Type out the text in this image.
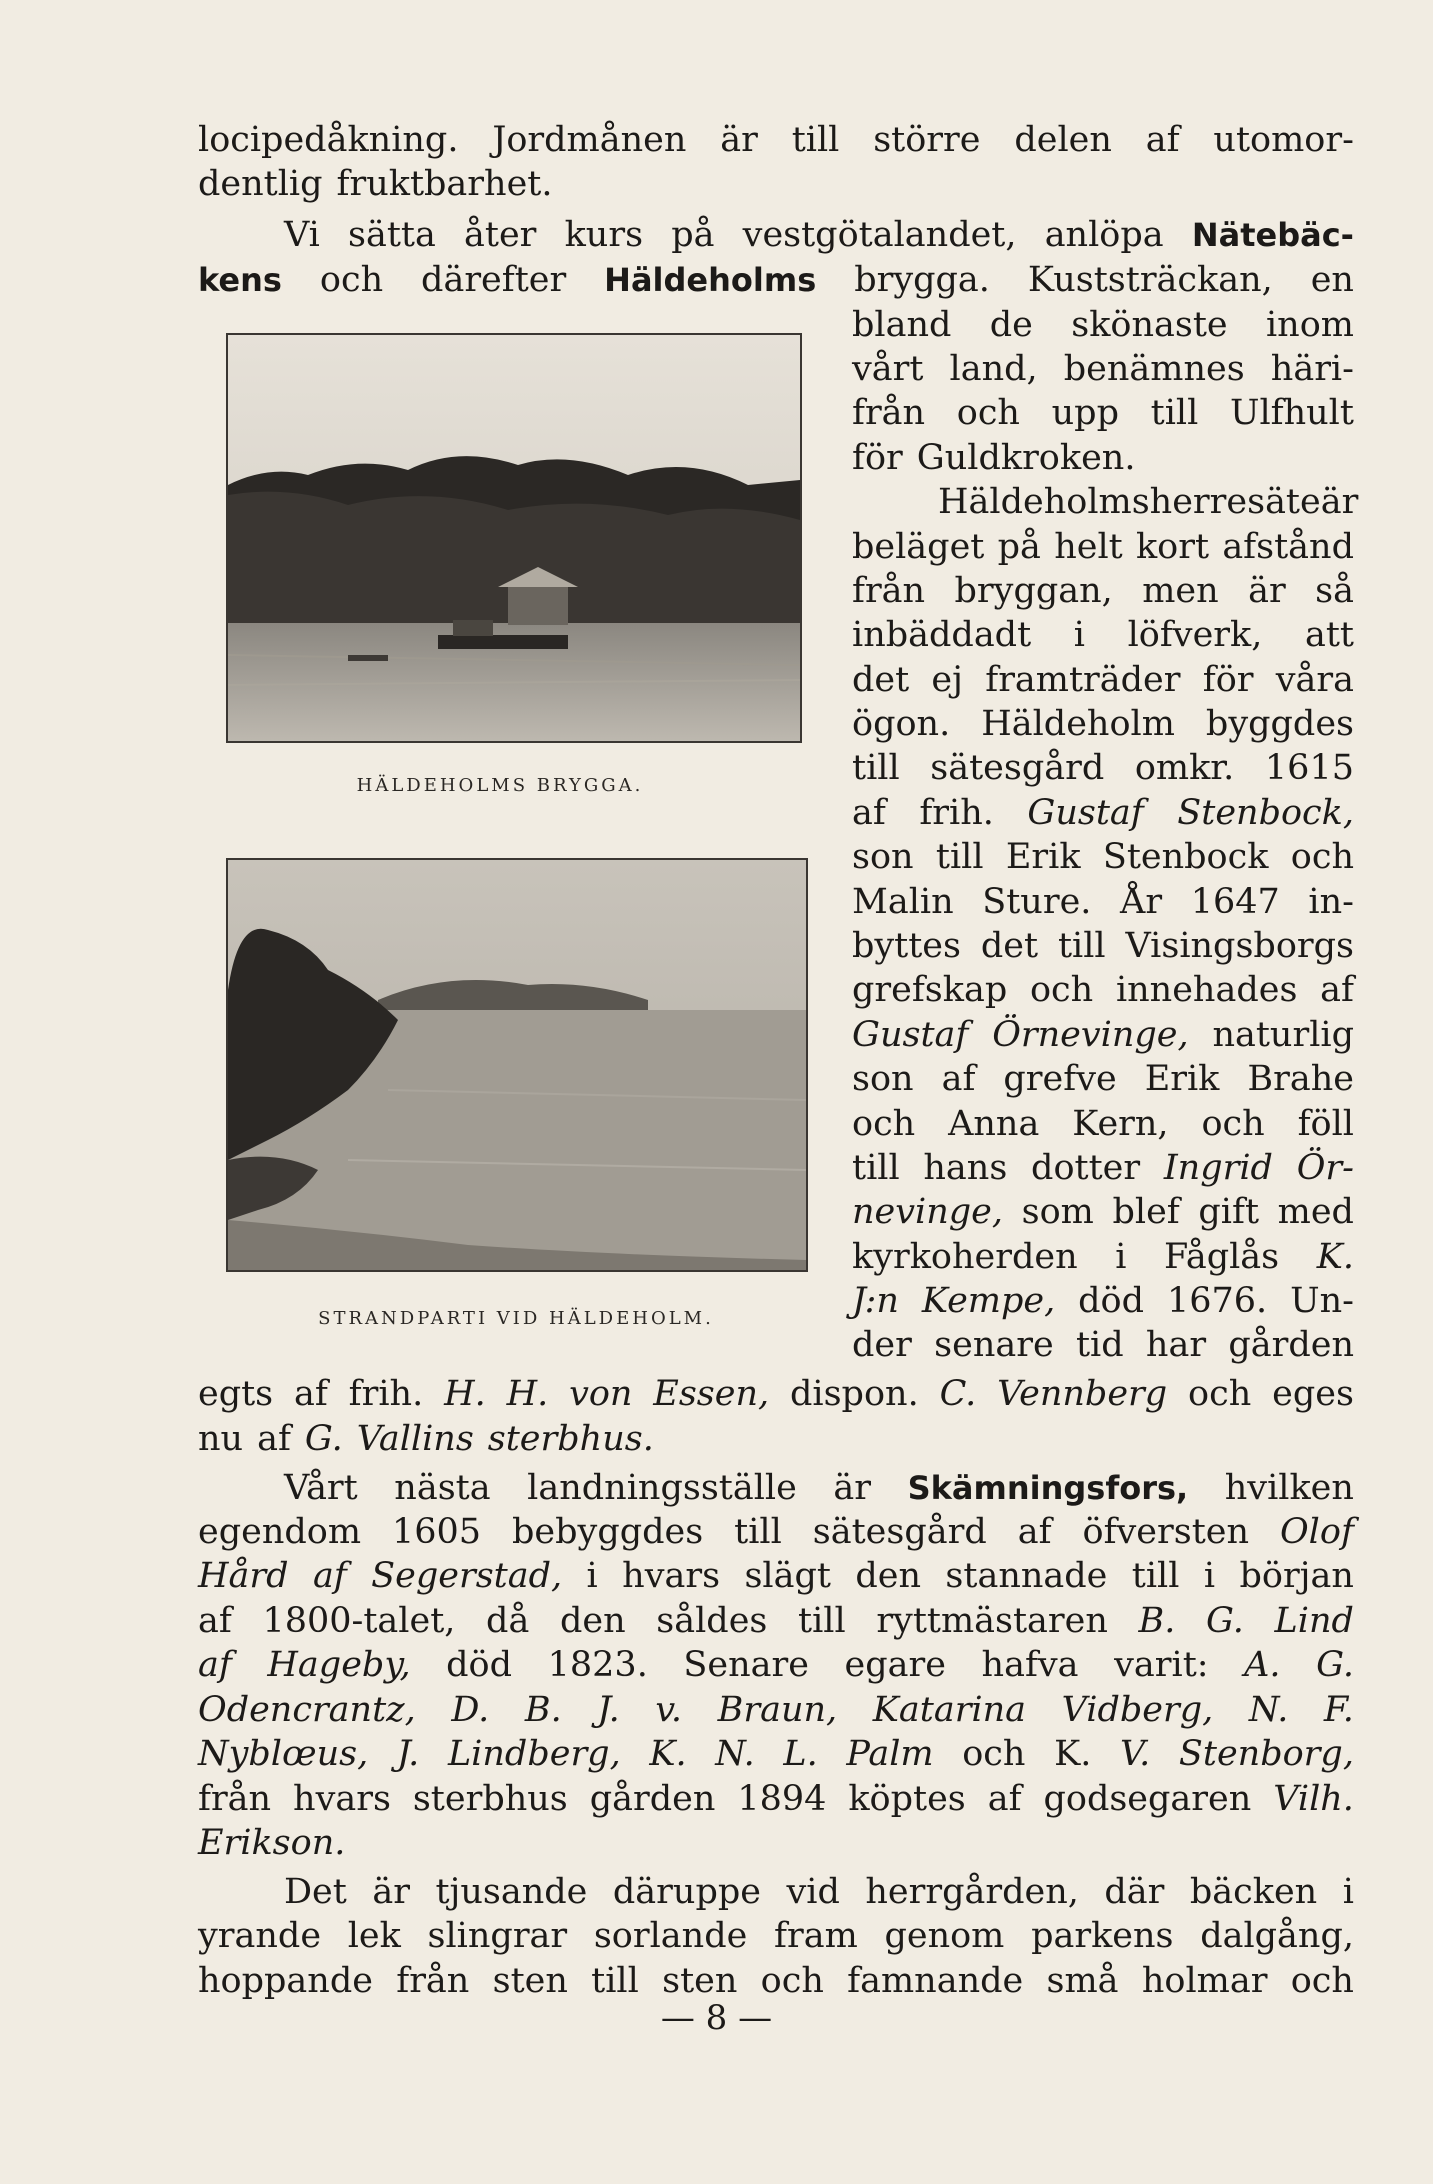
locipedåkning. Jordmånen är till större delen af utomor-
dentlig fruktbarhet.
Vi sätta åter kurs på vestgötalandet, anlöpa Nätebäc-
kens och därefter Häldeholms brygga. Kuststräckan, en
bland de skönaste inom
vårt land, benämnes häri-
från och upp till Ulfhult
för Guldkroken.
Häldeholms herresäte är
beläget på helt kort afstånd
från bryggan, men är så
inbäddadt i löfverk, att
det ej framträder för våra
ögon. Häldeholm byggdes
till sätesgård omkr. 1615
af frih. Gustaf Stenbock,
son till Erik Stenbock och
Malin Sture. År 1647 in-
byttes det till Visingsborgs
grefskap och innehades af
Gustaf Örnevinge, naturlig
son af grefve Erik Brahe
och Anna Kern, och föll
till hans dotter Ingrid Ör-
nevinge, som blef gift med
kyrkoherden i Fåglås K.
J:n Kempe, död 1676. Un-
der senare tid har gården
egts af frih. H. H. von Essen, dispon. C. Vennberg och eges
nu af G. Vallins sterbhus.
Vårt nästa landningsställe är Skämningsfors, hvilken
egendom 1605 bebyggdes till sätesgård af öfversten Olof
Hård af Segerstad, i hvars slägt den stannade till i början
af 1800-talet, då den såldes till ryttmästaren B. G. Lind
af Hageby, död 1823. Senare egare hafva varit: A. G.
Odencrantz, D. B. J. v. Braun, Katarina Vidberg, N. F.
Nyblœus, J. Lindberg, K. N. L. Palm och K. V. Stenborg,
från hvars sterbhus gården 1894 köptes af godsegaren Vilh.
Erikson.
Det är tjusande däruppe vid herrgården, där bäcken i
yrande lek slingrar sorlande fram genom parkens dalgång,
hoppande från sten till sten och famnande små holmar och
HÄLDEHOLMS BRYGGA.
STRANDPARTI VID HÄLDEHOLM.
— 8 —
